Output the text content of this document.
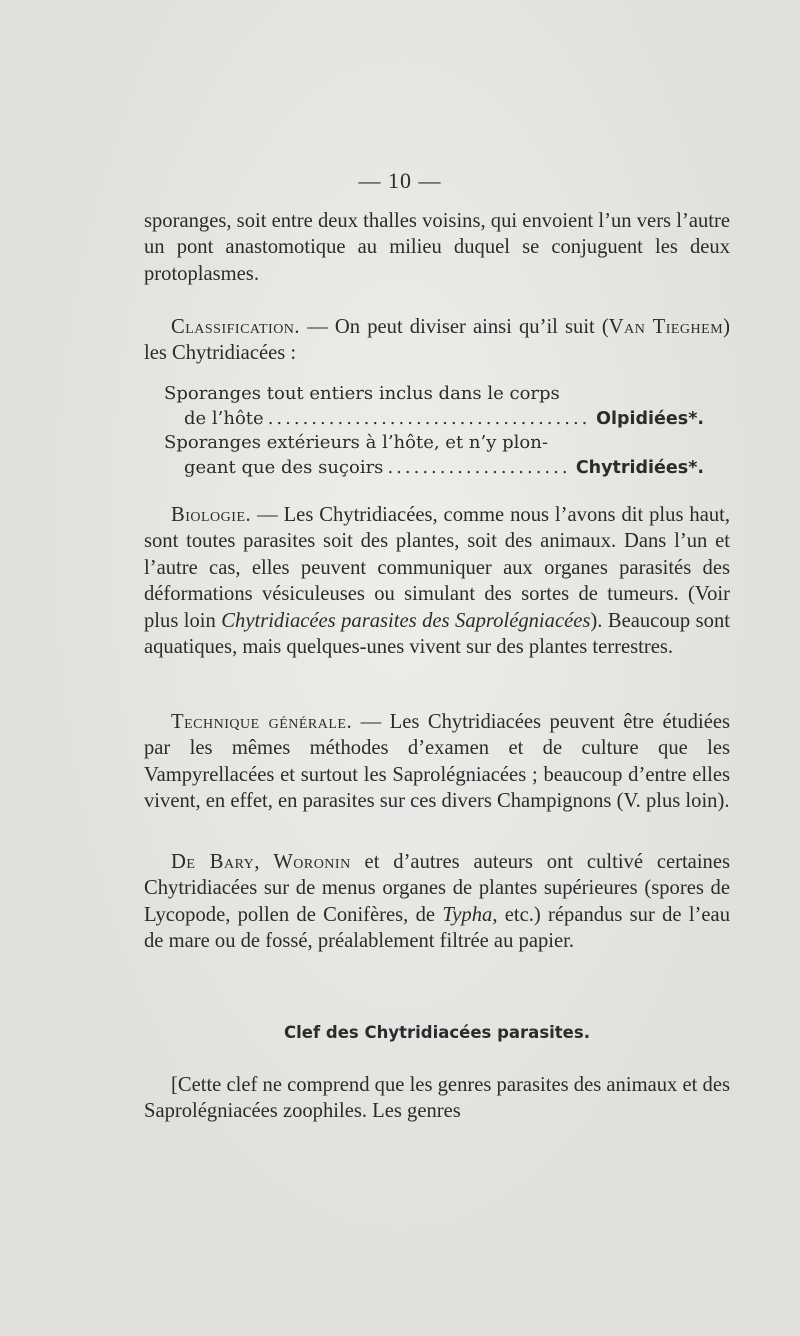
— 10 —

sporanges, soit entre deux thalles voisins, qui envoient l’un vers l’autre un pont anastomotique au milieu duquel se conjuguent les deux protoplasmes.

Classification. — On peut diviser ainsi qu’il suit (Van Tieghem) les Chytridiacées :

Sporanges tout entiers inclus dans le corps
de l’hôte .....	Olpidiées*.
Sporanges extérieurs à l’hôte, et n’y plon-
geant que des suçoirs .....	Chytridiées*.

Biologie. — Les Chytridiacées, comme nous l’avons dit plus haut, sont toutes parasites soit des plantes, soit des animaux. Dans l’un et l’autre cas, elles peuvent communiquer aux organes parasités des déformations vésiculeuses ou simulant des sortes de tumeurs. (Voir plus loin Chytridiacées parasites des Saprolégniacées). Beaucoup sont aquatiques, mais quelques-unes vivent sur des plantes terrestres.

Technique générale. — Les Chytridiacées peuvent être étudiées par les mêmes méthodes d’examen et de culture que les Vampyrellacées et surtout les Saprolégniacées ; beaucoup d’entre elles vivent, en effet, en parasites sur ces divers Champignons (V. plus loin).

De Bary, Woronin et d’autres auteurs ont cultivé certaines Chytridiacées sur de menus organes de plantes supérieures (spores de Lycopode, pollen de Conifères, de Typha, etc.) répandus sur de l’eau de mare ou de fossé, préalablement filtrée au papier.

Clef des Chytridiacées parasites.

[Cette clef ne comprend que les genres parasites des animaux et des Saprolégniacées zoophiles. Les genres
